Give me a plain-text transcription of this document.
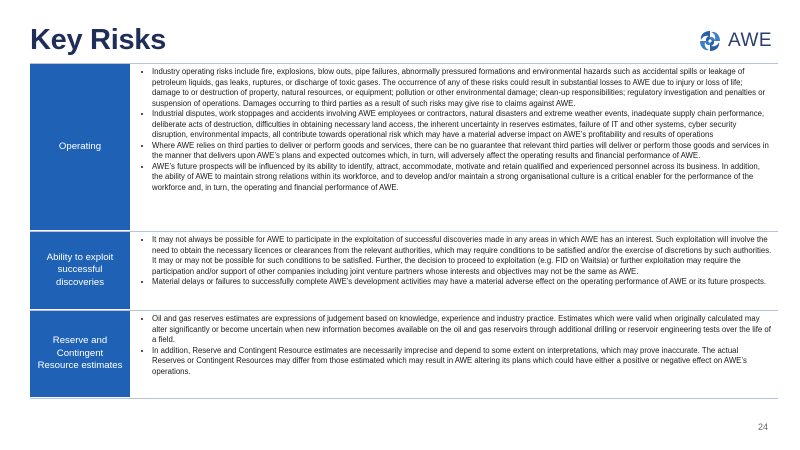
Key Risks	AWE
Operating
• Industry operating risks include fire, explosions, blow outs, pipe failures, abnormally pressured formations and environmental hazards such as accidental spills or leakage of petroleum liquids, gas leaks, ruptures, or discharge of toxic gases. The occurrence of any of these risks could result in substantial losses to AWE due to injury or loss of life; damage to or destruction of property, natural resources, or equipment; pollution or other environmental damage; clean-up responsibilities; regulatory investigation and penalties or suspension of operations. Damages occurring to third parties as a result of such risks may give rise to claims against AWE.
• Industrial disputes, work stoppages and accidents involving AWE employees or contractors, natural disasters and extreme weather events, inadequate supply chain performance, deliberate acts of destruction, difficulties in obtaining necessary land access, the inherent uncertainty in reserves estimates, failure of IT and other systems, cyber security disruption, environmental impacts, all contribute towards operational risk which may have a material adverse impact on AWE’s profitability and results of operations
• Where AWE relies on third parties to deliver or perform goods and services, there can be no guarantee that relevant third parties will deliver or perform those goods and services in the manner that delivers upon AWE’s plans and expected outcomes which, in turn, will adversely affect the operating results and financial performance of AWE.
• AWE’s future prospects will be influenced by its ability to identify, attract, accommodate, motivate and retain qualified and experienced personnel across its business. In addition, the ability of AWE to maintain strong relations within its workforce, and to develop and/or maintain a strong organisational culture is a critical enabler for the performance of the workforce and, in turn, the operating and financial performance of AWE.
Ability to exploit successful discoveries
• It may not always be possible for AWE to participate in the exploitation of successful discoveries made in any areas in which AWE has an interest. Such exploitation will involve the need to obtain the necessary licences or clearances from the relevant authorities, which may require conditions to be satisfied and/or the exercise of discretions by such authorities. It may or may not be possible for such conditions to be satisfied. Further, the decision to proceed to exploitation (e.g. FID on Waitsia) or further exploitation may require the participation and/or support of other companies including joint venture partners whose interests and objectives may not be the same as AWE.
• Material delays or failures to successfully complete AWE’s development activities may have a material adverse effect on the operating performance of AWE or its future prospects.
Reserve and Contingent Resource estimates
• Oil and gas reserves estimates are expressions of judgement based on knowledge, experience and industry practice. Estimates which were valid when originally calculated may alter significantly or become uncertain when new information becomes available on the oil and gas reservoirs through additional drilling or reservoir engineering tests over the life of a field.
• In addition, Reserve and Contingent Resource estimates are necessarily imprecise and depend to some extent on interpretations, which may prove inaccurate. The actual Reserves or Contingent Resources may differ from those estimated which may result in AWE altering its plans which could have either a positive or negative effect on AWE’s operations.
24
